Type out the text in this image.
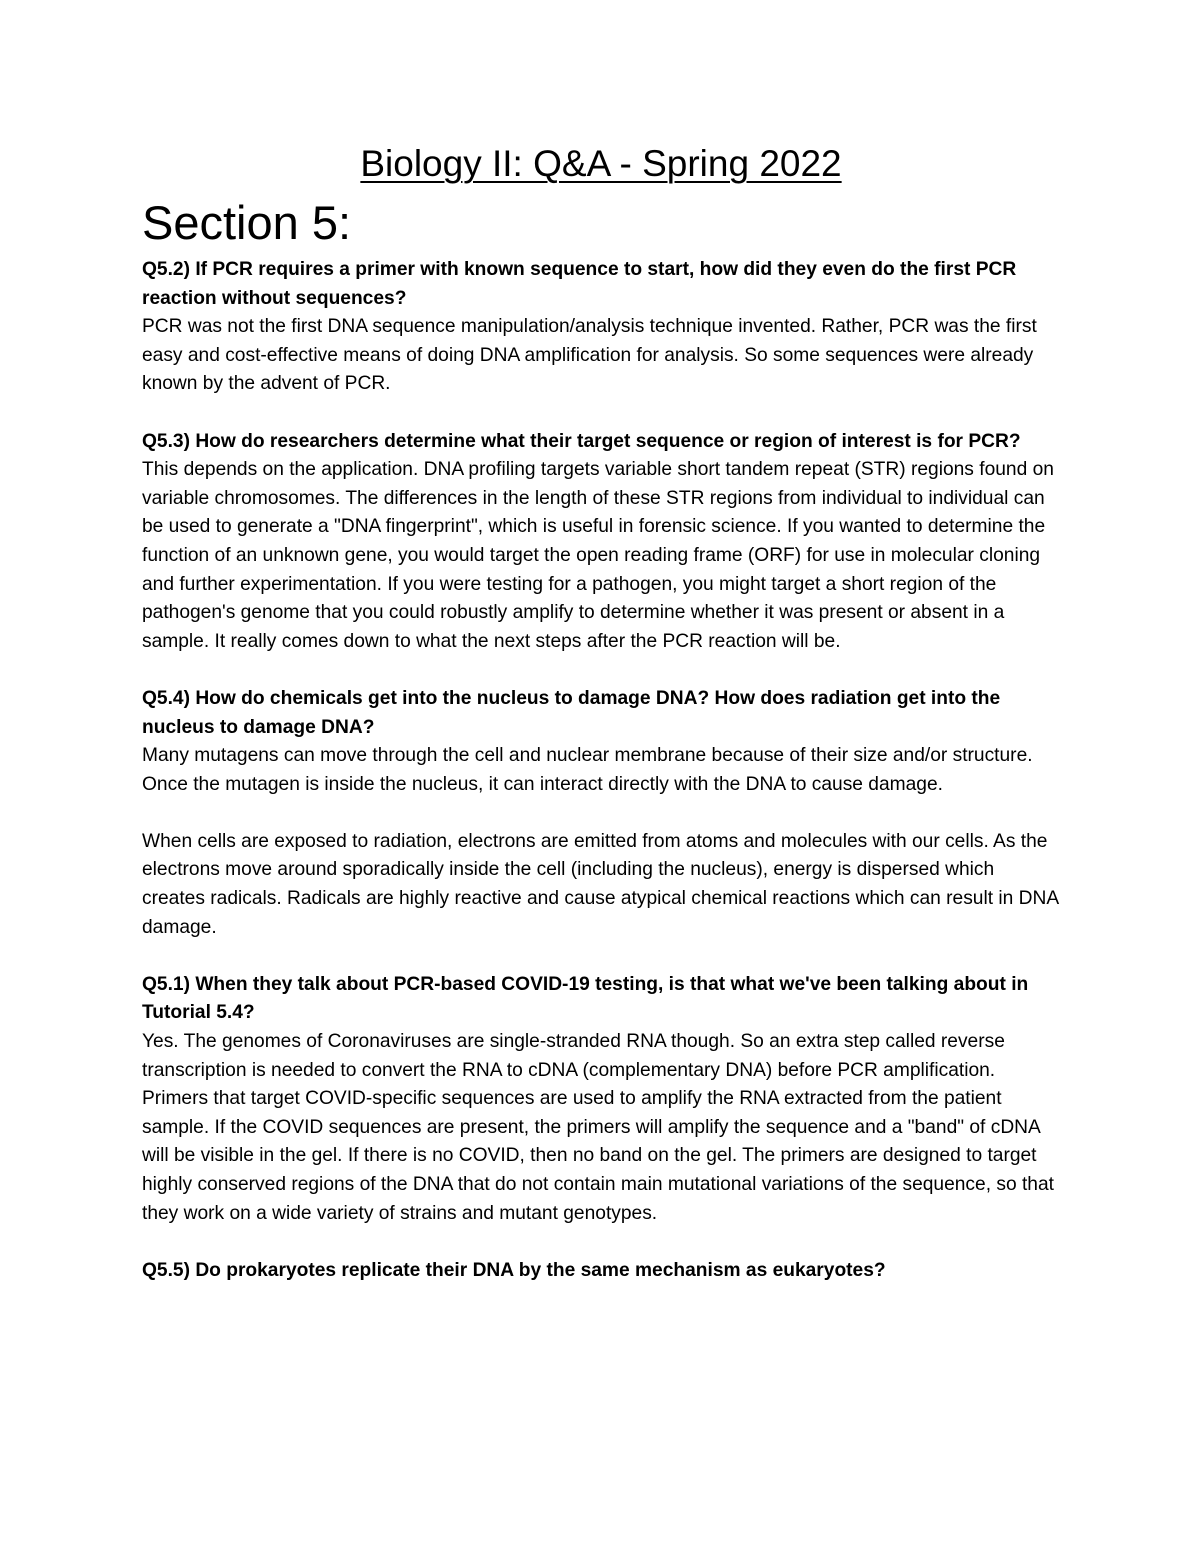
Biology II: Q&A - Spring 2022
Section 5:
Q5.2) If PCR requires a primer with known sequence to start, how did they even do the first PCR reaction without sequences?
PCR was not the first DNA sequence manipulation/analysis technique invented. Rather, PCR was the first easy and cost-effective means of doing DNA amplification for analysis. So some sequences were already known by the advent of PCR.
Q5.3) How do researchers determine what their target sequence or region of interest is for PCR? This depends on the application. DNA profiling targets variable short tandem repeat (STR) regions found on variable chromosomes. The differences in the length of these STR regions from individual to individual can be used to generate a "DNA fingerprint", which is useful in forensic science. If you wanted to determine the function of an unknown gene, you would target the open reading frame (ORF) for use in molecular cloning and further experimentation. If you were testing for a pathogen, you might target a short region of the pathogen's genome that you could robustly amplify to determine whether it was present or absent in a sample. It really comes down to what the next steps after the PCR reaction will be.
Q5.4) How do chemicals get into the nucleus to damage DNA? How does radiation get into the nucleus to damage DNA?
Many mutagens can move through the cell and nuclear membrane because of their size and/or structure. Once the mutagen is inside the nucleus, it can interact directly with the DNA to cause damage.
When cells are exposed to radiation, electrons are emitted from atoms and molecules with our cells. As the electrons move around sporadically inside the cell (including the nucleus), energy is dispersed which creates radicals. Radicals are highly reactive and cause atypical chemical reactions which can result in DNA damage.
Q5.1) When they talk about PCR-based COVID-19 testing, is that what we've been talking about in Tutorial 5.4?
Yes. The genomes of Coronaviruses are single-stranded RNA though. So an extra step called reverse transcription is needed to convert the RNA to cDNA (complementary DNA) before PCR amplification. Primers that target COVID-specific sequences are used to amplify the RNA extracted from the patient sample. If the COVID sequences are present, the primers will amplify the sequence and a "band" of cDNA will be visible in the gel. If there is no COVID, then no band on the gel. The primers are designed to target highly conserved regions of the DNA that do not contain main mutational variations of the sequence, so that they work on a wide variety of strains and mutant genotypes.
Q5.5) Do prokaryotes replicate their DNA by the same mechanism as eukaryotes?
